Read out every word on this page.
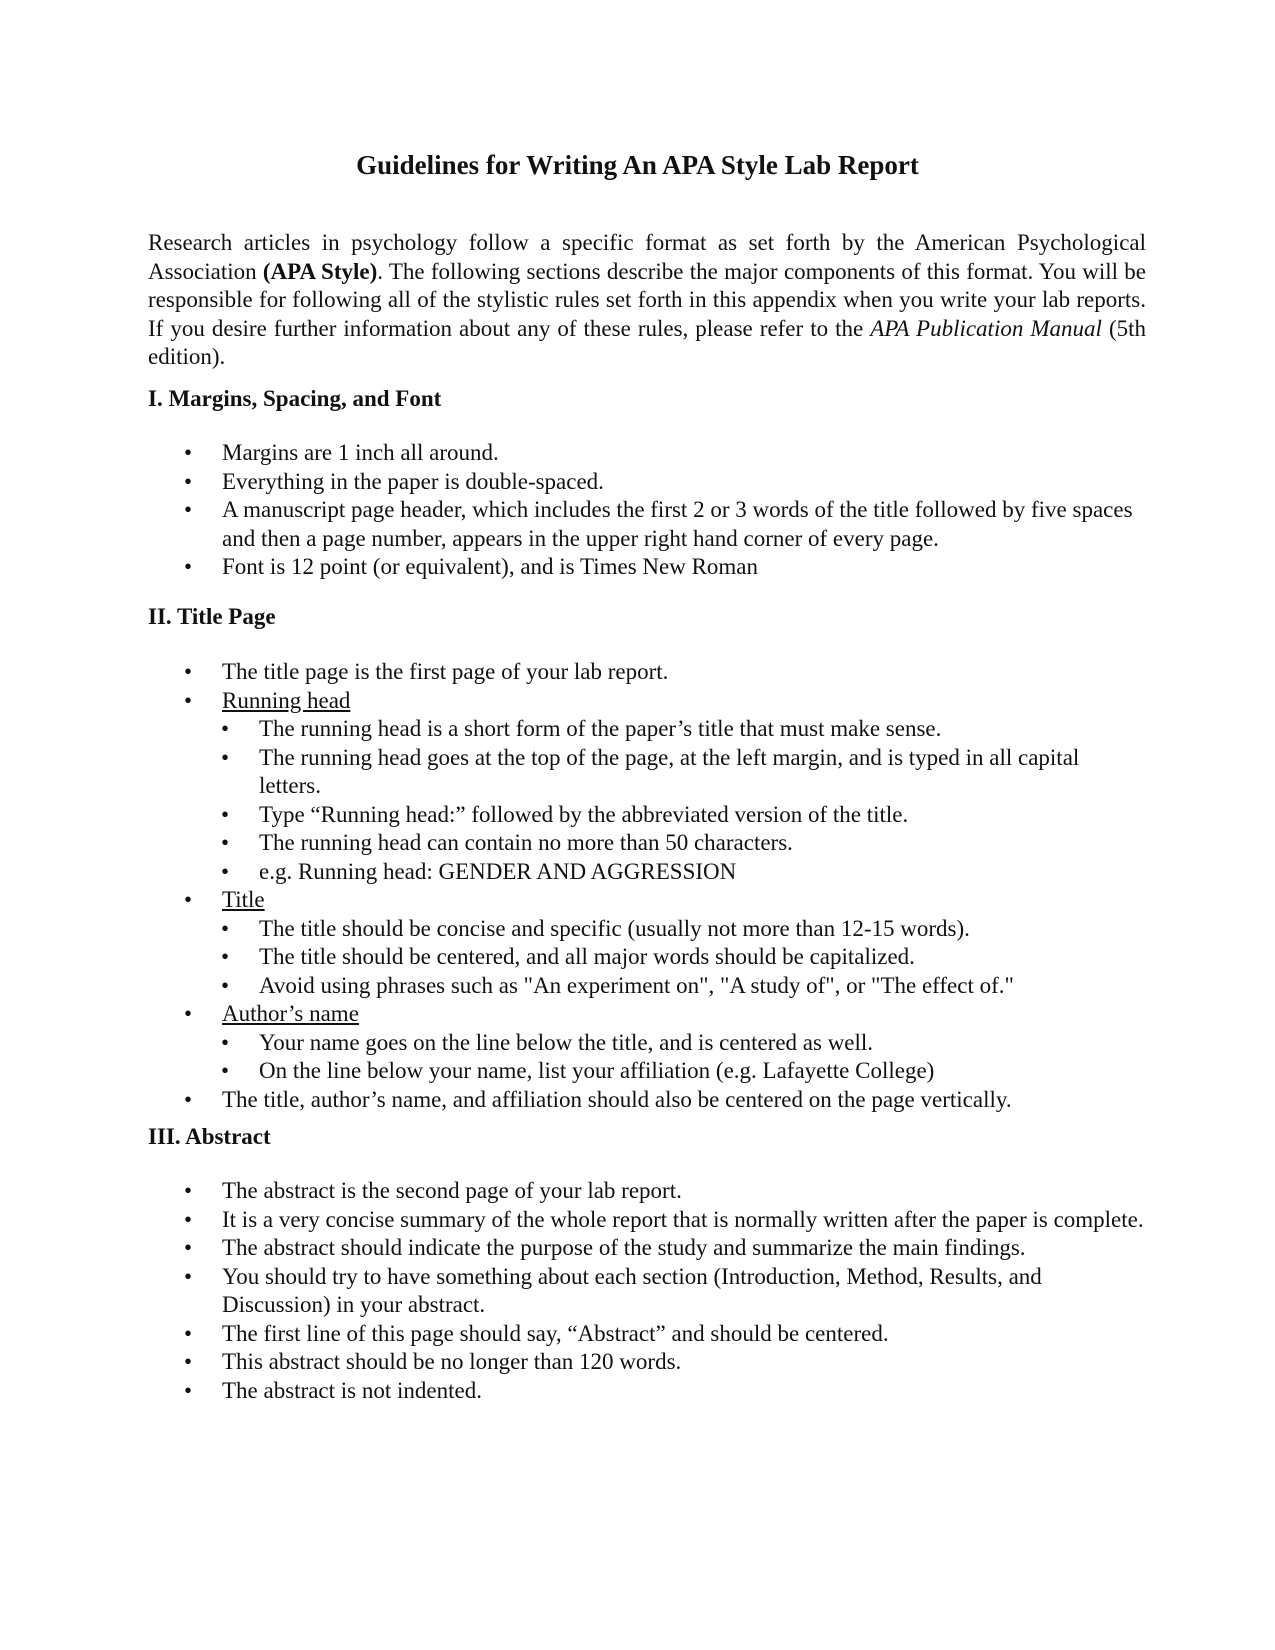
Guidelines for Writing An APA Style Lab Report

Research articles in psychology follow a specific format as set forth by the American Psychological Association (APA Style). The following sections describe the major components of this format. You will be responsible for following all of the stylistic rules set forth in this appendix when you write your lab reports. If you desire further information about any of these rules, please refer to the APA Publication Manual (5th edition).

I. Margins, Spacing, and Font
• Margins are 1 inch all around.
• Everything in the paper is double-spaced.
• A manuscript page header, which includes the first 2 or 3 words of the title followed by five spaces and then a page number, appears in the upper right hand corner of every page.
• Font is 12 point (or equivalent), and is Times New Roman
II. Title Page
• The title page is the first page of your lab report.
• Running head
• The running head is a short form of the paper’s title that must make sense.
• The running head goes at the top of the page, at the left margin, and is typed in all capital letters.
• Type “Running head:” followed by the abbreviated version of the title.
• The running head can contain no more than 50 characters.
• e.g. Running head: GENDER AND AGGRESSION
• Title
• The title should be concise and specific (usually not more than 12-15 words).
• The title should be centered, and all major words should be capitalized.
• Avoid using phrases such as "An experiment on", "A study of", or "The effect of."
• Author’s name
• Your name goes on the line below the title, and is centered as well.
• On the line below your name, list your affiliation (e.g. Lafayette College)
• The title, author’s name, and affiliation should also be centered on the page vertically.
III. Abstract
• The abstract is the second page of your lab report.
• It is a very concise summary of the whole report that is normally written after the paper is complete.
• The abstract should indicate the purpose of the study and summarize the main findings.
• You should try to have something about each section (Introduction, Method, Results, and Discussion) in your abstract.
• The first line of this page should say, “Abstract” and should be centered.
• This abstract should be no longer than 120 words.
• The abstract is not indented.
